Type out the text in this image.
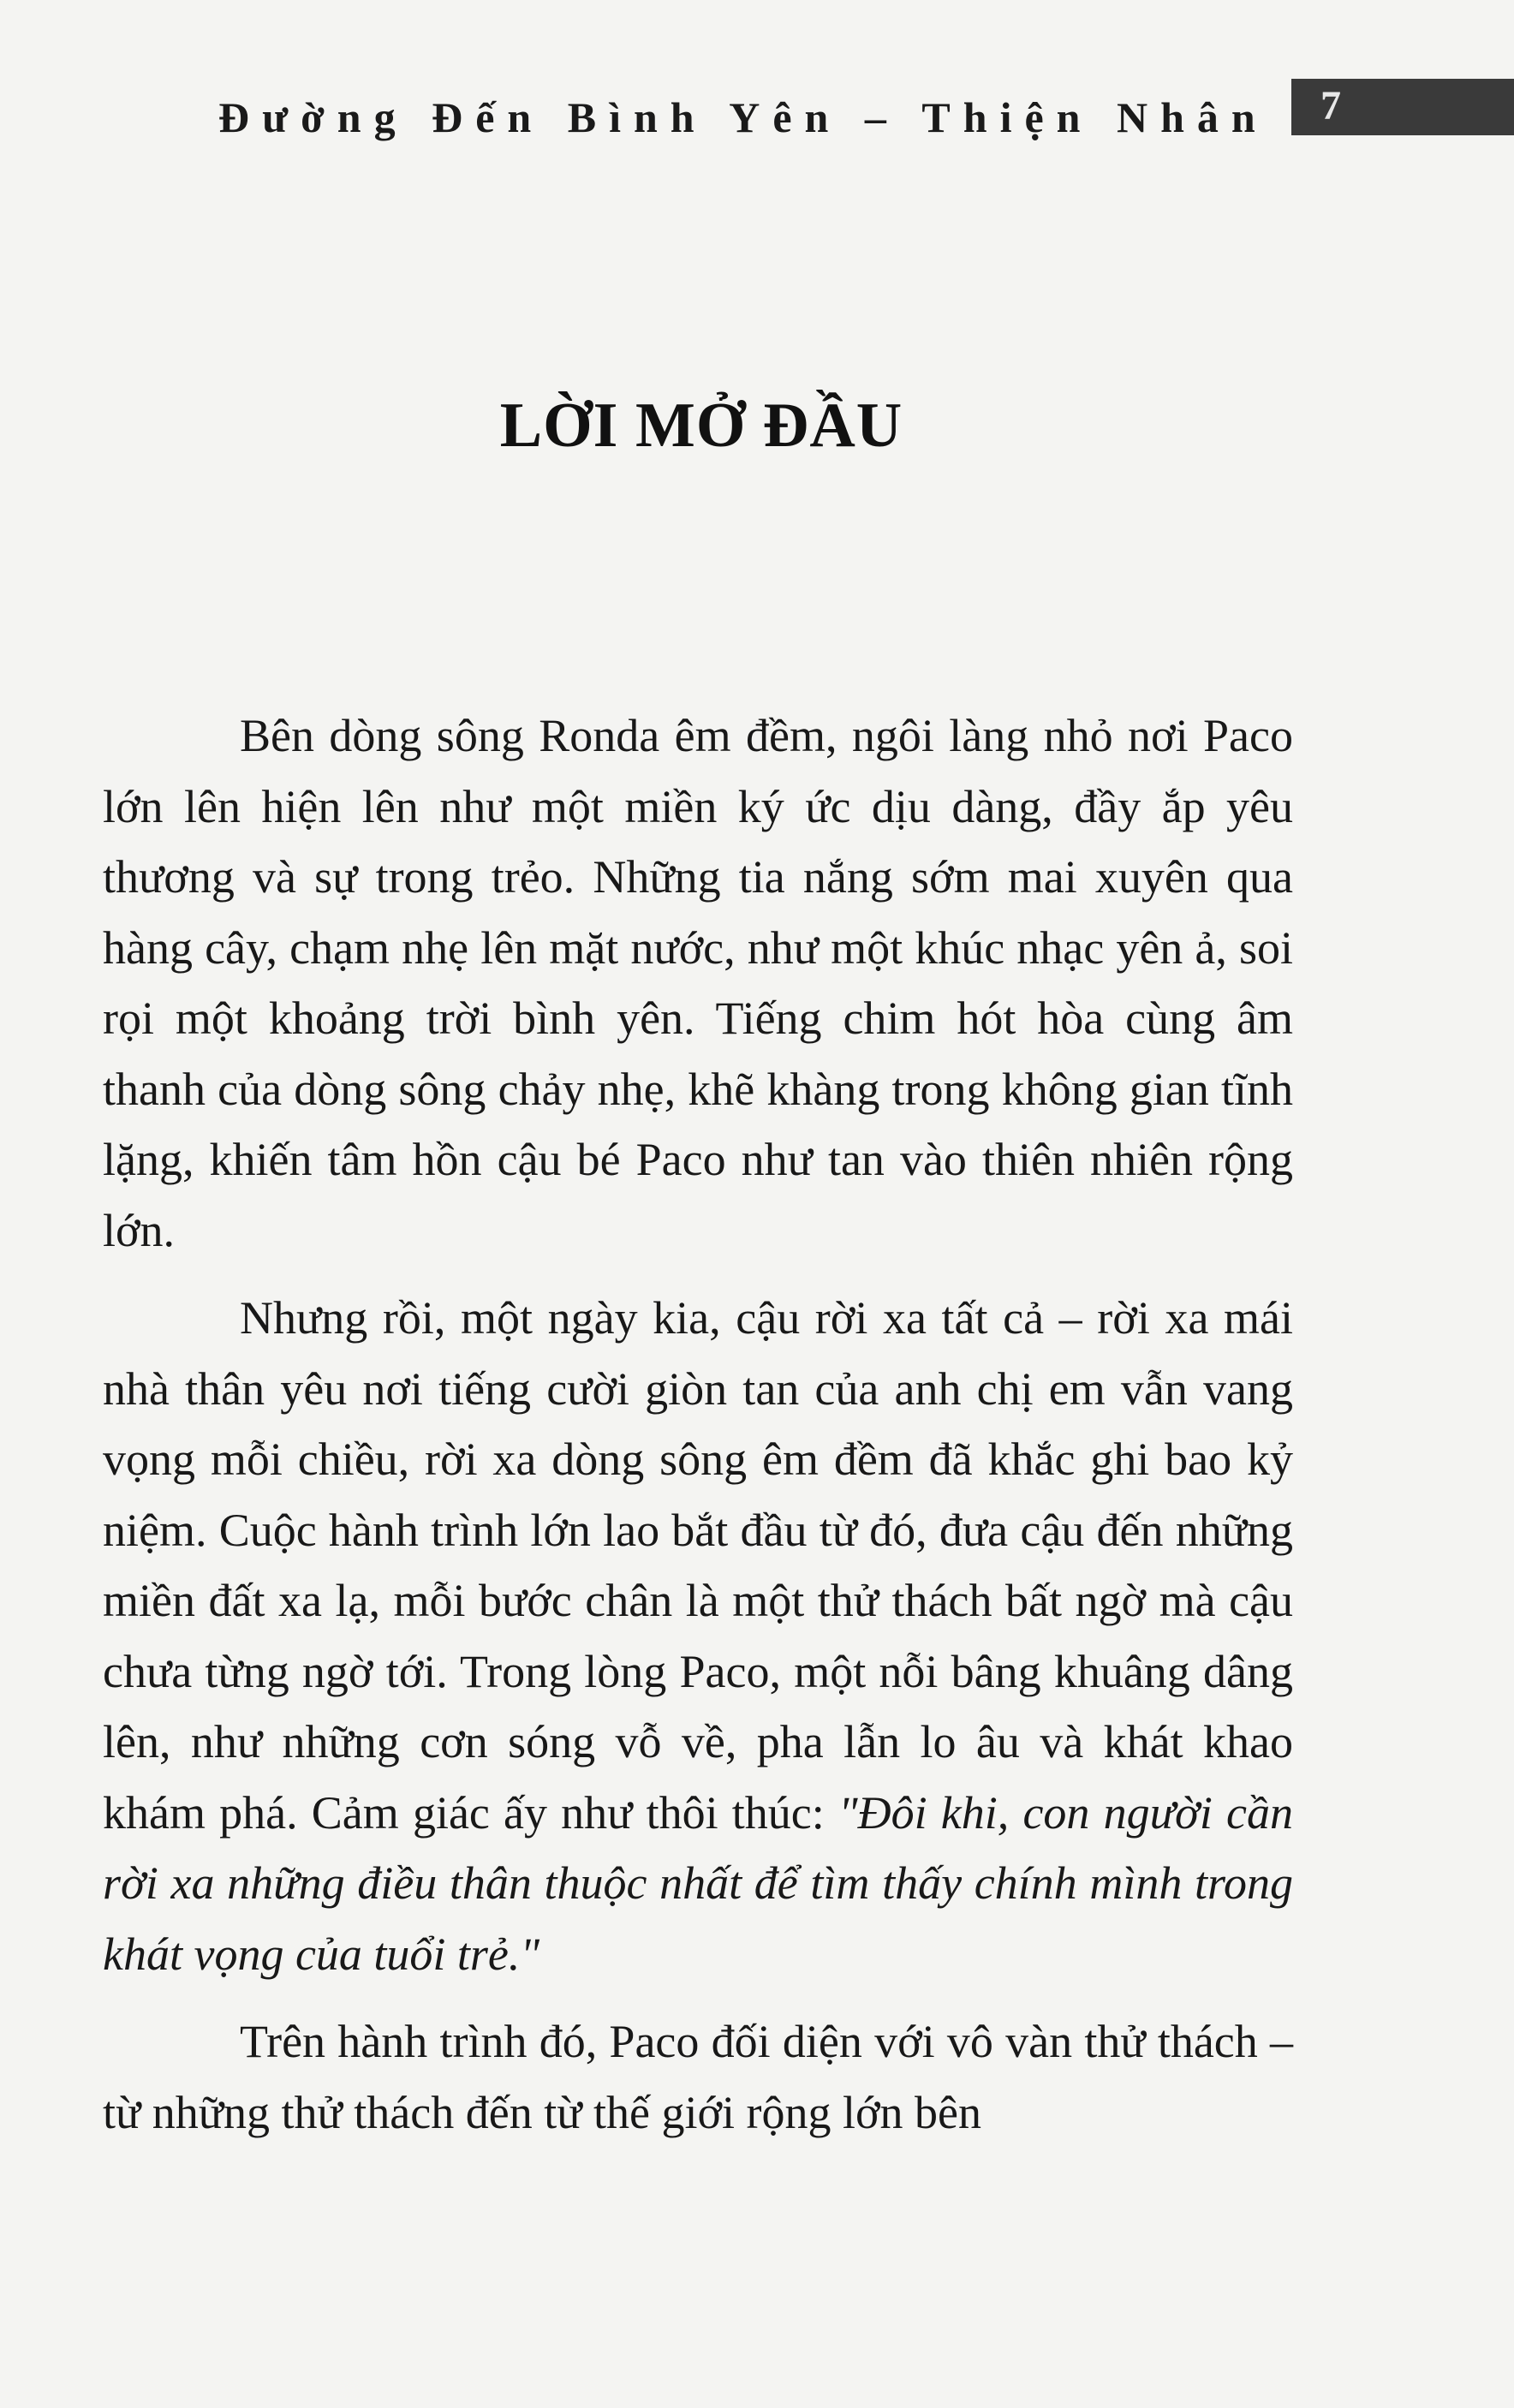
Đường Đến Bình Yên – Thiện Nhân 7
LỜI MỞ ĐẦU

Bên dòng sông Ronda êm đềm, ngôi làng nhỏ nơi Paco lớn lên hiện lên như một miền ký ức dịu dàng, đầy ắp yêu thương và sự trong trẻo. Những tia nắng sớm mai xuyên qua hàng cây, chạm nhẹ lên mặt nước, như một khúc nhạc yên ả, soi rọi một khoảng trời bình yên. Tiếng chim hót hòa cùng âm thanh của dòng sông chảy nhẹ, khẽ khàng trong không gian tĩnh lặng, khiến tâm hồn cậu bé Paco như tan vào thiên nhiên rộng lớn.

Nhưng rồi, một ngày kia, cậu rời xa tất cả – rời xa mái nhà thân yêu nơi tiếng cười giòn tan của anh chị em vẫn vang vọng mỗi chiều, rời xa dòng sông êm đềm đã khắc ghi bao kỷ niệm. Cuộc hành trình lớn lao bắt đầu từ đó, đưa cậu đến những miền đất xa lạ, mỗi bước chân là một thử thách bất ngờ mà cậu chưa từng ngờ tới. Trong lòng Paco, một nỗi bâng khuâng dâng lên, như những cơn sóng vỗ về, pha lẫn lo âu và khát khao khám phá. Cảm giác ấy như thôi thúc: "Đôi khi, con người cần rời xa những điều thân thuộc nhất để tìm thấy chính mình trong khát vọng của tuổi trẻ."

Trên hành trình đó, Paco đối diện với vô vàn thử thách – từ những thử thách đến từ thế giới rộng lớn bên
